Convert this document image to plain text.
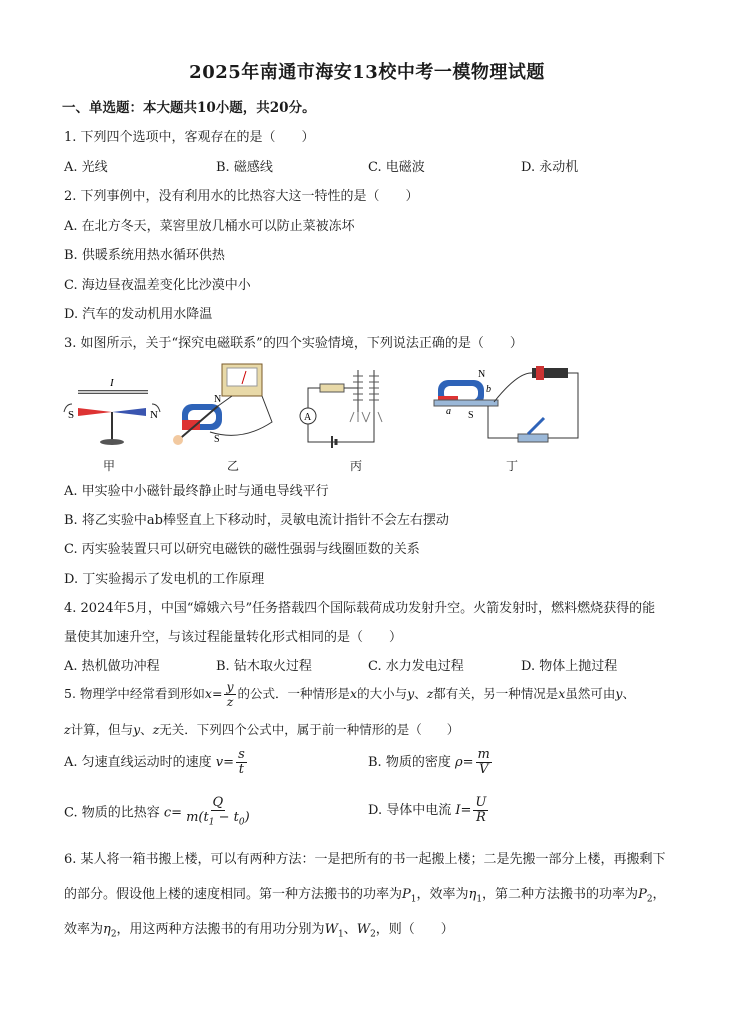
2025年南通市海安13校中考一模物理试题
一、单选题：本大题共10小题，共20分。
1. 下列四个选项中，客观存在的是（　　）
A. 光线	B. 磁感线	C. 电磁波	D. 永动机
2. 下列事例中，没有利用水的比热容大这一特性的是（　　）
A. 在北方冬天，菜窖里放几桶水可以防止菜被冻坏
B. 供暖系统用热水循环供热
C. 海边昼夜温差变化比沙漠中小
D. 汽车的发动机用水降温
3. 如图所示，关于“探究电磁联系”的四个实验情境，下列说法正确的是（　　）
I
S	N
N
S
A
N
S
a
b
甲	乙	丙	丁
A. 甲实验中小磁针最终静止时与通电导线平行
B. 将乙实验中ab棒竖直上下移动时，灵敏电流计指针不会左右摆动
C. 丙实验装置只可以研究电磁铁的磁性强弱与线圈匝数的关系
D. 丁实验揭示了发电机的工作原理
4. 2024年5月，中国“嫦娥六号”任务搭载四个国际载荷成功发射升空。火箭发射时，燃料燃烧获得的能
量使其加速升空，与该过程能量转化形式相同的是（　　）
A. 热机做功冲程	B. 钻木取火过程	C. 水力发电过程	D. 物体上抛过程
5. 物理学中经常看到形如$x= \frac{y}{z}$ 的公式．一种情形是x的大小与y、z都有关，另一种情况是x虽然可由y、
z计算，但与y、z无关．下列四个公式中，属于前一种情形的是（　　）
A. 匀速直线运动时的速度 $v= \frac{s}{t}$	B. 物质的密度 $\rho= \frac{m}{V}$
C. 物质的比热容 $c= \frac{Q}{m(t_1 - t_0)}$	D. 导体中电流 $I= \frac{U}{R}$
6. 某人将一箱书搬上楼，可以有两种方法：一是把所有的书一起搬上楼；二是先搬一部分上楼，再搬剩下
的部分。假设他上楼的速度相同。第一种方法搬书的功率为$P_1$，效率为$\eta_1$，第二种方法搬书的功率为$P_2$，
效率为$\eta_2$，用这两种方法搬书的有用功分别为$W_1$、$W_2$，则（　　）
